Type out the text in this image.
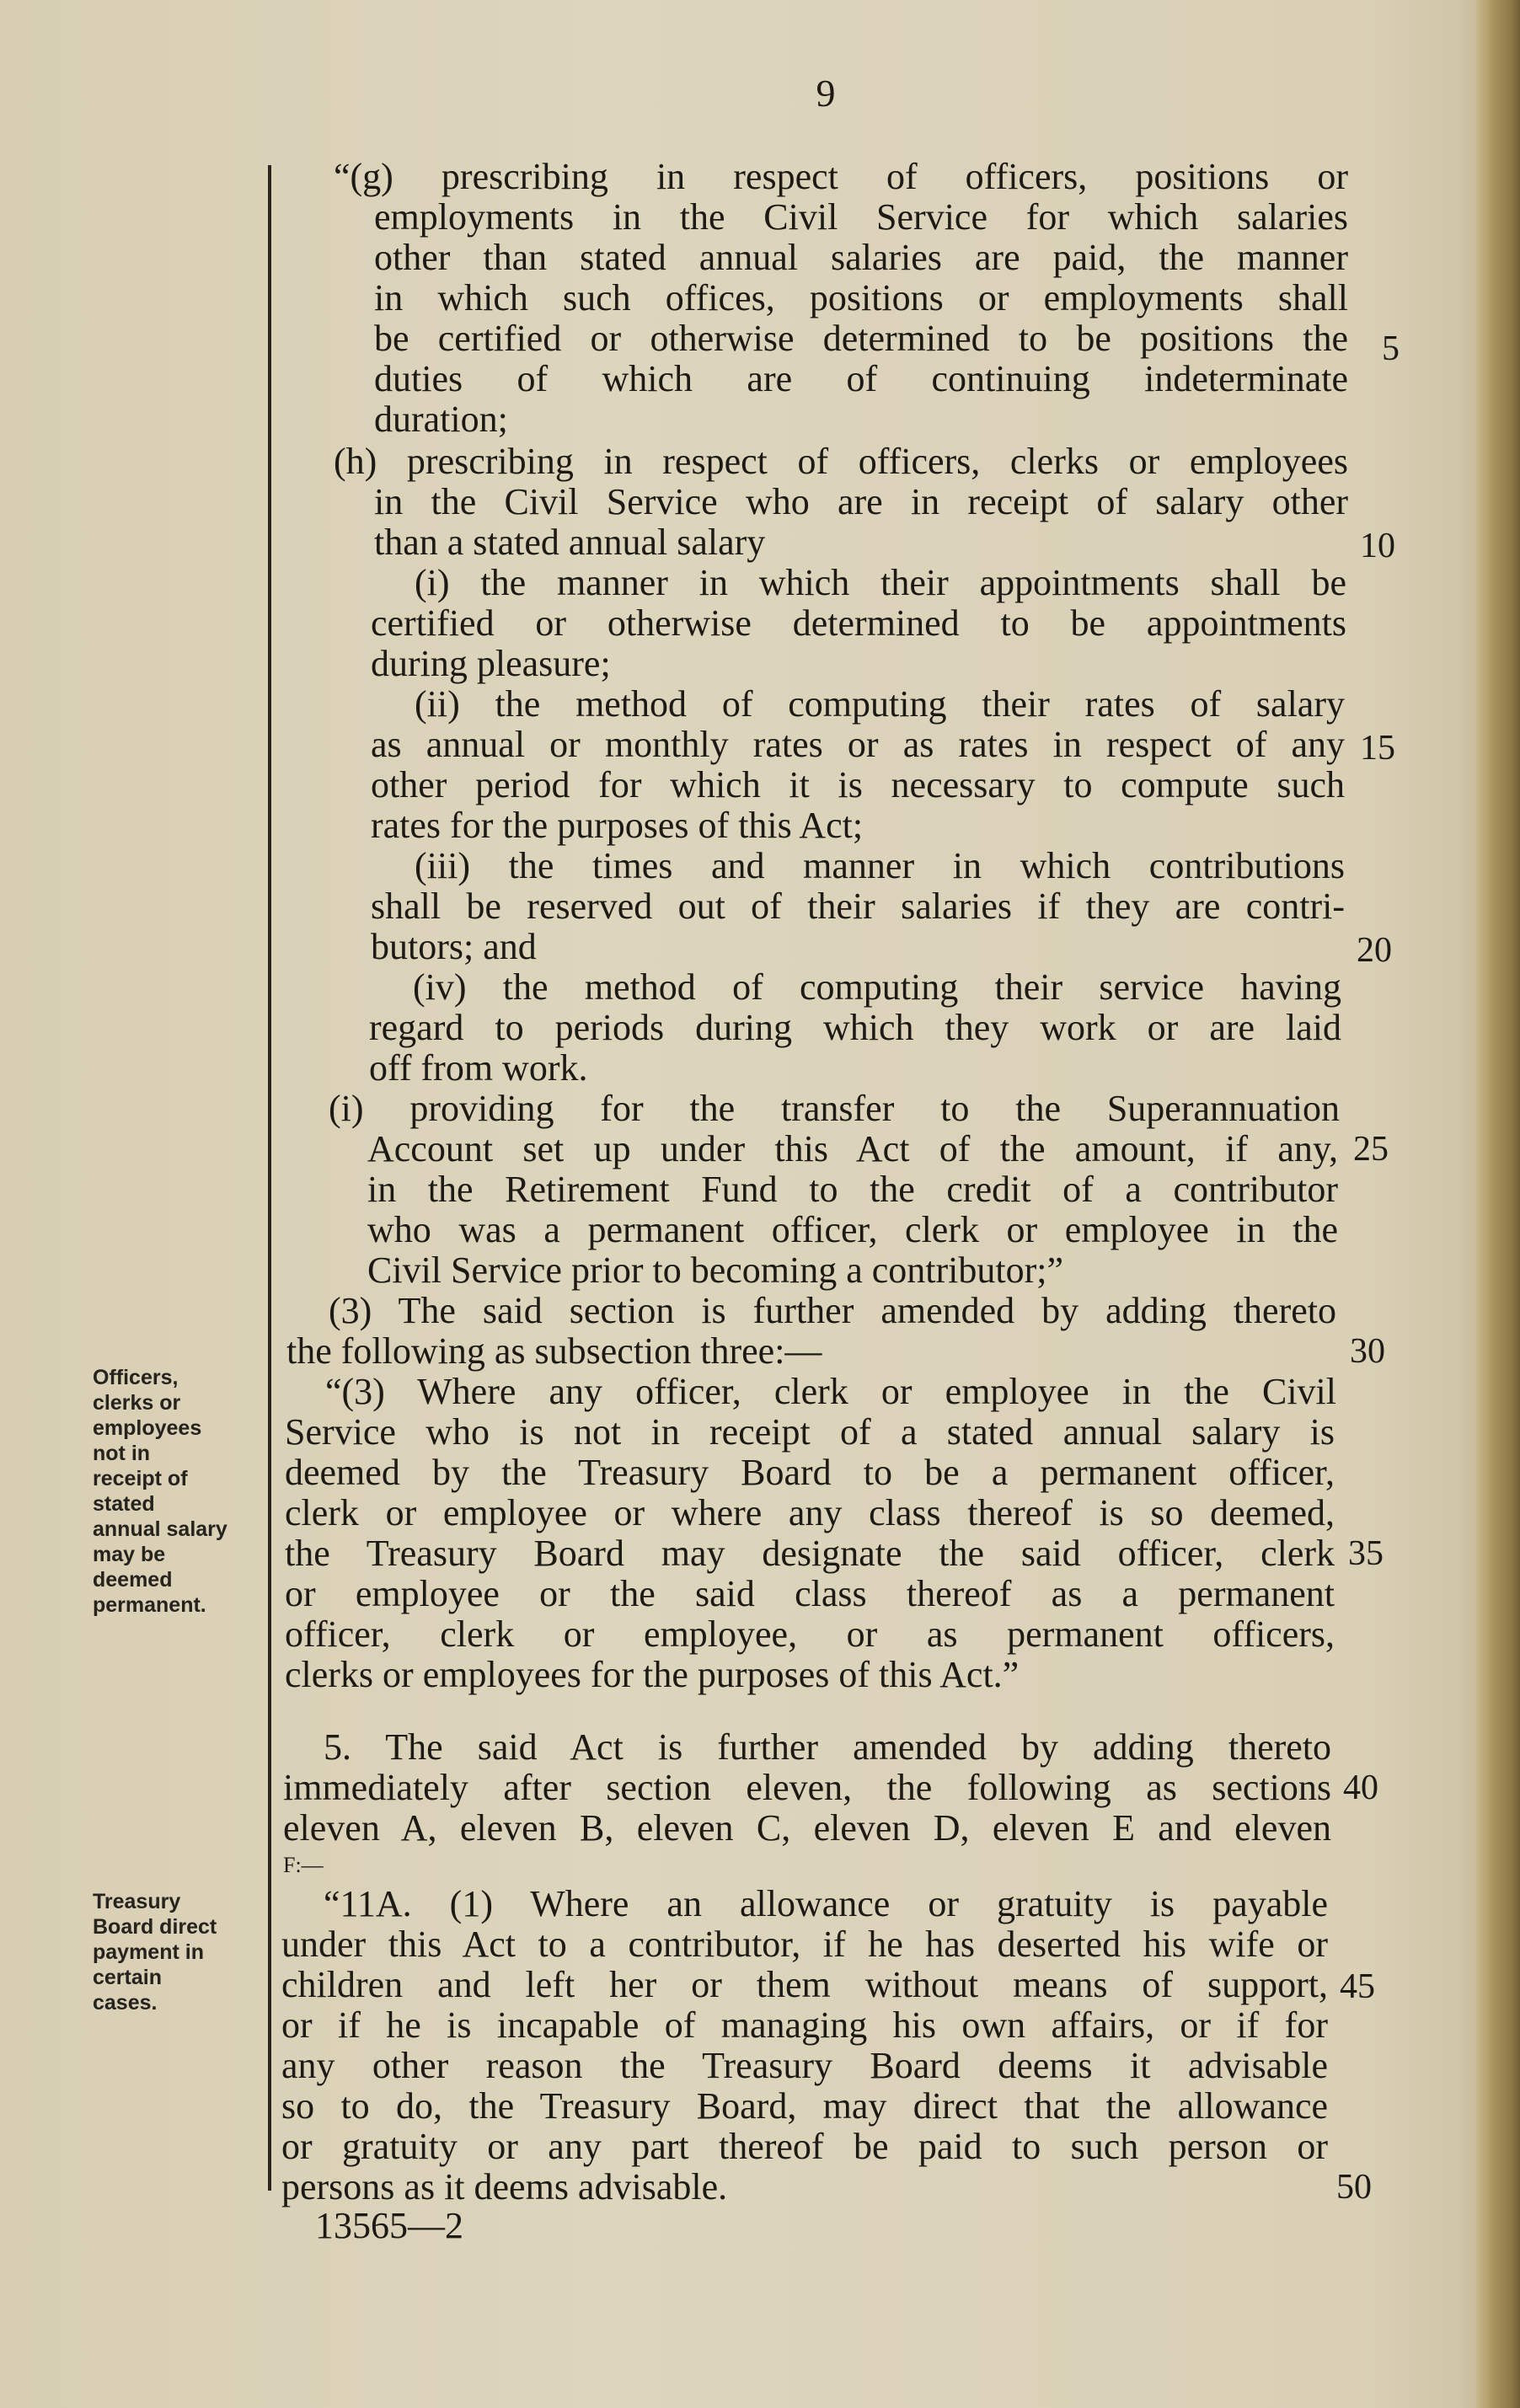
9
Officers,
clerks or
employees
not in
receipt of
stated
annual salary
may be
deemed
permanent.
Treasury
Board direct
payment in
certain
cases.
“(g) prescribing in respect of officers, positions or
employments in the Civil Service for which salaries
other than stated annual salaries are paid, the manner
in which such offices, positions or employments shall
be certified or otherwise determined to be positions the
duties of which are of continuing indeterminate
duration;
(h) prescribing in respect of officers, clerks or employees
in the Civil Service who are in receipt of salary other
than a stated annual salary
(i) the manner in which their appointments shall be
certified or otherwise determined to be appointments
during pleasure;
(ii) the method of computing their rates of salary
as annual or monthly rates or as rates in respect of any
other period for which it is necessary to compute such
rates for the purposes of this Act;
(iii) the times and manner in which contributions
shall be reserved out of their salaries if they are contri-
butors; and
(iv) the method of computing their service having
regard to periods during which they work or are laid
off from work.
(i) providing for the transfer to the Superannuation
Account set up under this Act of the amount, if any,
in the Retirement Fund to the credit of a contributor
who was a permanent officer, clerk or employee in the
Civil Service prior to becoming a contributor;”
(3) The said section is further amended by adding thereto
the following as subsection three:—
“(3) Where any officer, clerk or employee in the Civil
Service who is not in receipt of a stated annual salary is
deemed by the Treasury Board to be a permanent officer,
clerk or employee or where any class thereof is so deemed,
the Treasury Board may designate the said officer, clerk
or employee or the said class thereof as a permanent
officer, clerk or employee, or as permanent officers,
clerks or employees for the purposes of this Act.”
5. The said Act is further amended by adding thereto
immediately after section eleven, the following as sections
eleven A, eleven B, eleven C, eleven D, eleven E and eleven
F:—
“11A. (1) Where an allowance or gratuity is payable
under this Act to a contributor, if he has deserted his wife or
children and left her or them without means of support,
or if he is incapable of managing his own affairs, or if for
any other reason the Treasury Board deems it advisable
so to do, the Treasury Board, may direct that the allowance
or gratuity or any part thereof be paid to such person or
persons as it deems advisable.
5
10
15
20
25
30
35
40
45
50
13565—2
